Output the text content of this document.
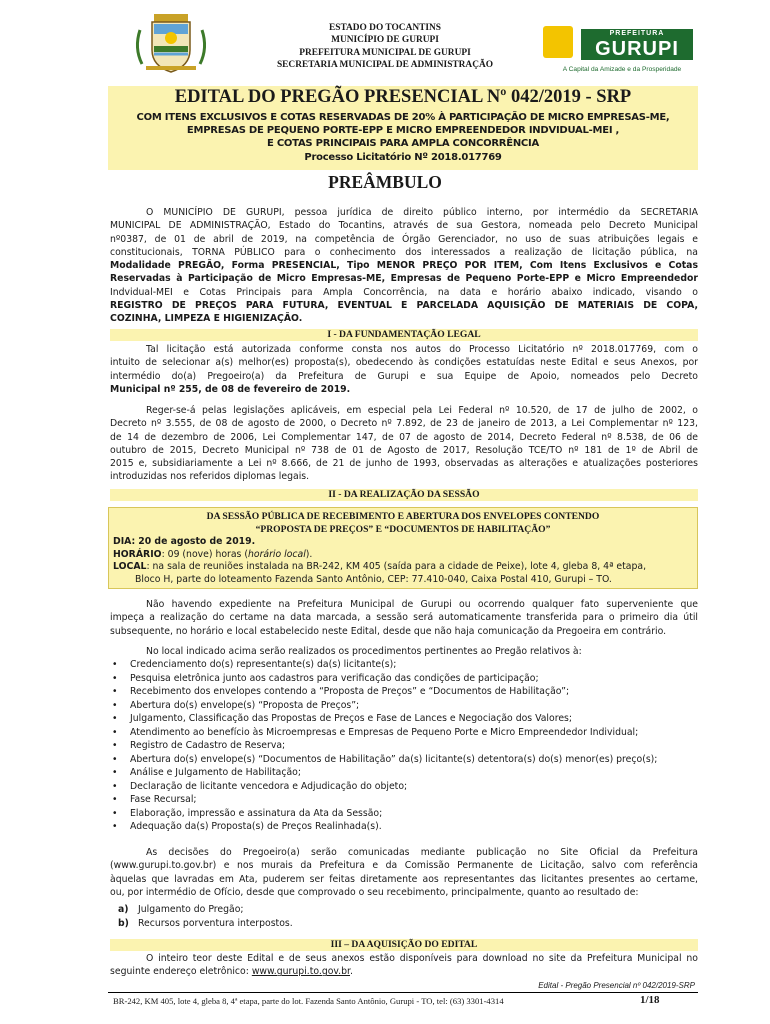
ESTADO DO TOCANTINS
MUNICÍPIO DE GURUPI
PREFEITURA MUNICIPAL DE GURUPI
SECRETARIA MUNICIPAL DE ADMINISTRAÇÃO
PREFEITURA
GURUPI
A Capital da Amizade e da Prosperidade
EDITAL DO PREGÃO PRESENCIAL Nº 042/2019 - SRP
COM ITENS EXCLUSIVOS E COTAS RESERVADAS DE 20% À PARTICIPAÇÃO DE MICRO EMPRESAS-ME,
EMPRESAS DE PEQUENO PORTE-EPP E MICRO EMPREENDEDOR INDVIDUAL-MEI ,
E COTAS PRINCIPAIS PARA AMPLA CONCORRÊNCIA
Processo Licitatório Nº 2018.017769
PREÂMBULO
O MUNICÍPIO DE GURUPI, pessoa jurídica de direito público interno, por intermédio da SECRETARIA
MUNICIPAL DE ADMINISTRAÇÃO, Estado do Tocantins, através de sua Gestora, nomeada pelo Decreto Municipal
nº0387, de 01 de abril de 2019, na competência de Órgão Gerenciador, no uso de suas atribuições legais e
constitucionais, TORNA PÚBLICO para o conhecimento dos interessados a realização de licitação pública, na
Modalidade PREGÃO, Forma PRESENCIAL, Tipo MENOR PREÇO POR ITEM, Com Itens Exclusivos e Cotas
Reservadas à Participação de Micro Empresas-ME, Empresas de Pequeno Porte-EPP e Micro Empreendedor
Indvidual-MEI e Cotas Principais para Ampla Concorrência, na data e horário abaixo indicado, visando o
REGISTRO DE PREÇOS PARA FUTURA, EVENTUAL E PARCELADA AQUISIÇÃO DE MATERIAIS DE COPA,
COZINHA, LIMPEZA E HIGIENIZAÇÃO.
I - DA FUNDAMENTAÇÃO LEGAL
Tal licitação está autorizada conforme consta nos autos do Processo Licitatório nº 2018.017769, com o
intuito de selecionar a(s) melhor(es) proposta(s), obedecendo às condições estatuídas neste Edital e seus Anexos, por
intermédio do(a) Pregoeiro(a) da Prefeitura de Gurupi e sua Equipe de Apoio, nomeados pelo Decreto
Municipal nº 255, de 08 de fevereiro de 2019.
Reger-se-á pelas legislações aplicáveis, em especial pela Lei Federal nº 10.520, de 17 de julho de 2002, o
Decreto nº 3.555, de 08 de agosto de 2000, o Decreto nº 7.892, de 23 de janeiro de 2013, a Lei Complementar nº 123,
de 14 de dezembro de 2006, Lei Complementar 147, de 07 de agosto de 2014, Decreto Federal nº 8.538, de 06 de
outubro de 2015, Decreto Municipal nº 738 de 01 de Agosto de 2017, Resolução TCE/TO nº 181 de 1º de Abril de
2015 e, subsidiariamente a Lei nº 8.666, de 21 de junho de 1993, observadas as alterações e atualizações posteriores
introduzidas nos referidos diplomas legais.
II - DA REALIZAÇÃO DA SESSÃO
DA SESSÃO PÚBLICA DE RECEBIMENTO E ABERTURA DOS ENVELOPES CONTENDO
“PROPOSTA DE PREÇOS” E “DOCUMENTOS DE HABILITAÇÃO”
DIA: 20 de agosto de 2019.
HORÁRIO: 09 (nove) horas (horário local).
LOCAL: na sala de reuniões instalada na BR-242, KM 405 (saída para a cidade de Peixe), lote 4, gleba 8, 4ª etapa,
Bloco H, parte do loteamento Fazenda Santo Antônio, CEP: 77.410-040, Caixa Postal 410, Gurupi – TO.
Não havendo expediente na Prefeitura Municipal de Gurupi ou ocorrendo qualquer fato superveniente que
impeça a realização do certame na data marcada, a sessão será automaticamente transferida para o primeiro dia útil
subsequente, no horário e local estabelecido neste Edital, desde que não haja comunicação da Pregoeira em contrário.
No local indicado acima serão realizados os procedimentos pertinentes ao Pregão relativos à:
• Credenciamento do(s) representante(s) da(s) licitante(s);
• Pesquisa eletrônica junto aos cadastros para verificação das condições de participação;
• Recebimento dos envelopes contendo a “Proposta de Preços” e “Documentos de Habilitação”;
• Abertura do(s) envelope(s) “Proposta de Preços”;
• Julgamento, Classificação das Propostas de Preços e Fase de Lances e Negociação dos Valores;
• Atendimento ao benefício às Microempresas e Empresas de Pequeno Porte e Micro Empreendedor Individual;
• Registro de Cadastro de Reserva;
• Abertura do(s) envelope(s) “Documentos de Habilitação” da(s) licitante(s) detentora(s) do(s) menor(es) preço(s);
• Análise e Julgamento de Habilitação;
• Declaração de licitante vencedora e Adjudicação do objeto;
• Fase Recursal;
• Elaboração, impressão e assinatura da Ata da Sessão;
• Adequação da(s) Proposta(s) de Preços Realinhada(s).
As decisões do Pregoeiro(a) serão comunicadas mediante publicação no Site Oficial da Prefeitura
(www.gurupi.to.gov.br) e nos murais da Prefeitura e da Comissão Permanente de Licitação, salvo com referência
àquelas que lavradas em Ata, puderem ser feitas diretamente aos representantes das licitantes presentes ao certame,
ou, por intermédio de Ofício, desde que comprovado o seu recebimento, principalmente, quanto ao resultado de:
a) Julgamento do Pregão;
b) Recursos porventura interpostos.
III – DA AQUISIÇÃO DO EDITAL
O inteiro teor deste Edital e de seus anexos estão disponíveis para download no site da Prefeitura Municipal no
seguinte endereço eletrônico: www.gurupi.to.gov.br.
Edital - Pregão Presencial nº 042/2019-SRP
BR-242, KM 405, lote 4, gleba 8, 4ª etapa, parte do lot. Fazenda Santo Antônio, Gurupi - TO, tel: (63) 3301-4314	1/18
